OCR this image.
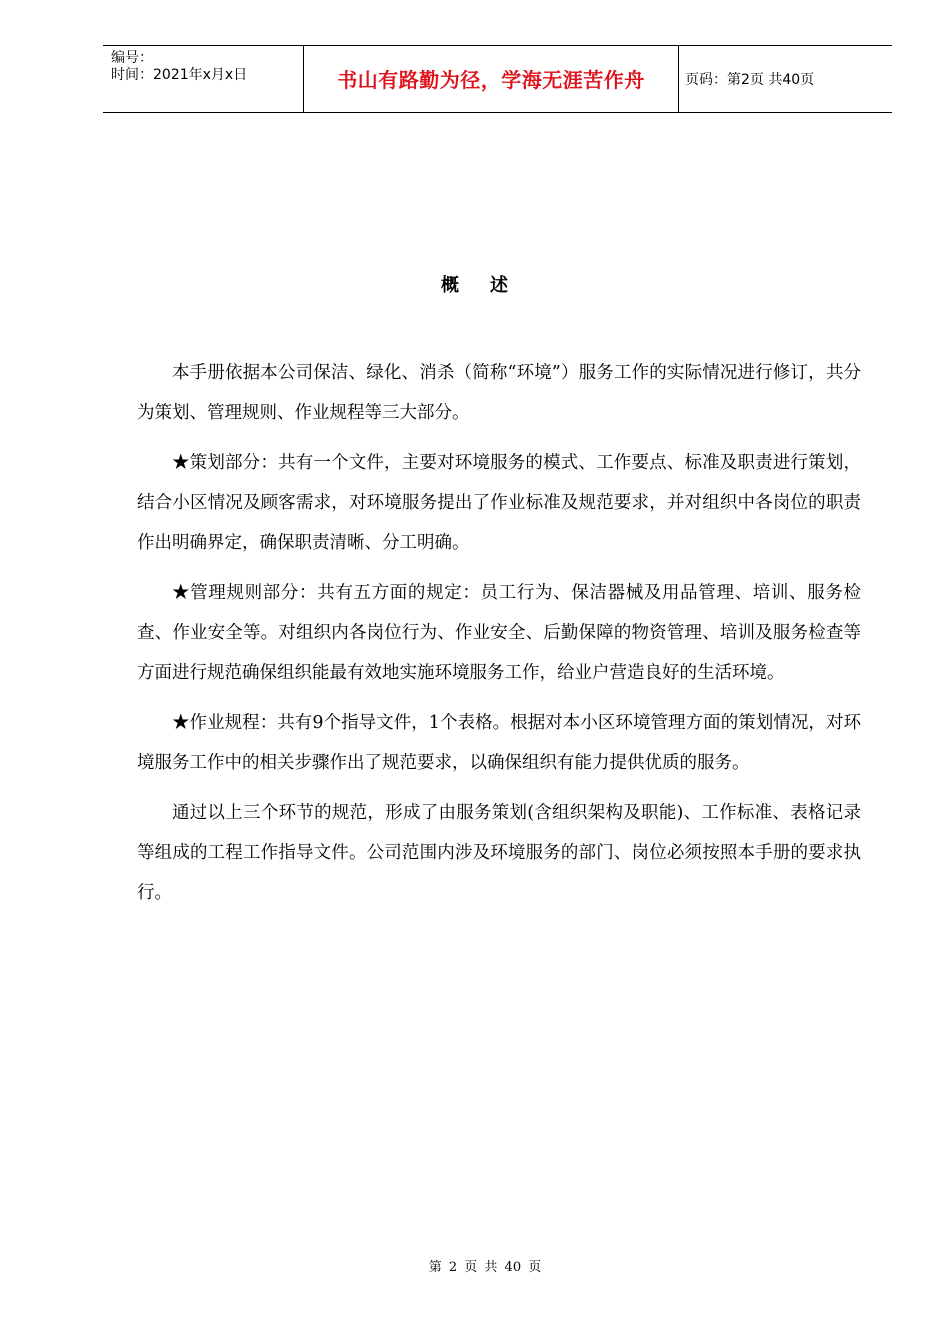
编号：
时间：2021年x月x日	书山有路勤为径，学海无涯苦作舟	页码：第2页 共40页
概 述

本手册依据本公司保洁、绿化、消杀（简称“环境”）服务工作的实际情况进行修订，共分为策划、管理规则、作业规程等三大部分。

★策划部分：共有一个文件，主要对环境服务的模式、工作要点、标准及职责进行策划，结合小区情况及顾客需求，对环境服务提出了作业标准及规范要求，并对组织中各岗位的职责作出明确界定，确保职责清晰、分工明确。

★管理规则部分：共有五方面的规定：员工行为、保洁器械及用品管理、培训、服务检查、作业安全等。对组织内各岗位行为、作业安全、后勤保障的物资管理、培训及服务检查等方面进行规范确保组织能最有效地实施环境服务工作，给业户营造良好的生活环境。

★作业规程：共有9个指导文件，1个表格。根据对本小区环境管理方面的策划情况，对环境服务工作中的相关步骤作出了规范要求，以确保组织有能力提供优质的服务。

通过以上三个环节的规范，形成了由服务策划(含组织架构及职能)、工作标准、表格记录等组成的工程工作指导文件。公司范围内涉及环境服务的部门、岗位必须按照本手册的要求执行。

第 2 页 共 40 页
